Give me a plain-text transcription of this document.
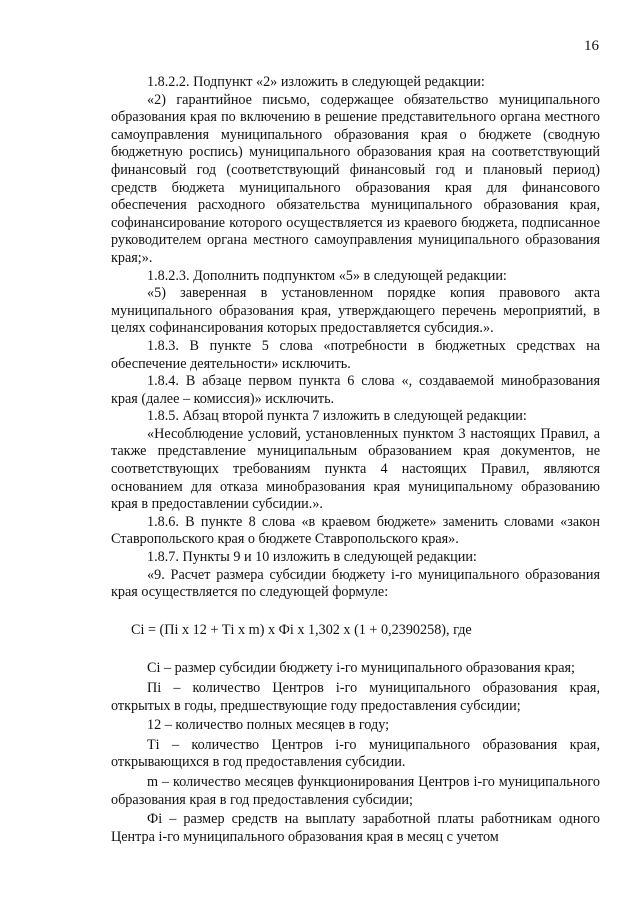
16

1.8.2.2. Подпункт «2» изложить в следующей редакции:

«2) гарантийное письмо, содержащее обязательство муниципального образования края по включению в решение представительного органа местного самоуправления муниципального образования края о бюджете (сводную бюджетную роспись) муниципального образования края на соответствующий финансовый год (соответствующий финансовый год и плановый период) средств бюджета муниципального образования края для финансового обеспечения расходного обязательства муниципального образования края, софинансирование которого осуществляется из краевого бюджета, подписанное руководителем органа местного самоуправления муниципального образования края;».

1.8.2.3. Дополнить подпунктом «5» в следующей редакции:

«5) заверенная в установленном порядке копия правового акта муниципального образования края, утверждающего перечень мероприятий, в целях софинансирования которых предоставляется субсидия.».

1.8.3. В пункте 5 слова «потребности в бюджетных средствах на обеспечение деятельности» исключить.

1.8.4. В абзаце первом пункта 6 слова «, создаваемой минобразования края (далее – комиссия)» исключить.

1.8.5. Абзац второй пункта 7 изложить в следующей редакции:

«Несоблюдение условий, установленных пунктом 3 настоящих Правил, а также представление муниципальным образованием края документов, не соответствующих требованиям пункта 4 настоящих Правил, являются основанием для отказа минобразования края муниципальному образованию края в предоставлении субсидии.».

1.8.6. В пункте 8 слова «в краевом бюджете» заменить словами «закон Ставропольского края о бюджете Ставропольского края».

1.8.7. Пункты 9 и 10 изложить в следующей редакции:

«9. Расчет размера субсидии бюджету i-го муниципального образования края осуществляется по следующей формуле:

Сi = (Пi х 12 + Тi х m) х Фi х 1,302 х (1 + 0,2390258), где

Сi – размер субсидии бюджету i-го муниципального образования края;

Пi – количество Центров i-го муниципального образования края, открытых в годы, предшествующие году предоставления субсидии;

12 – количество полных месяцев в году;

Тi – количество Центров i-го муниципального образования края, открывающихся в год предоставления субсидии.

m – количество месяцев функционирования Центров i-го муниципального образования края в год предоставления субсидии;

Фi – размер средств на выплату заработной платы работникам одного Центра i-го муниципального образования края в месяц с учетом
